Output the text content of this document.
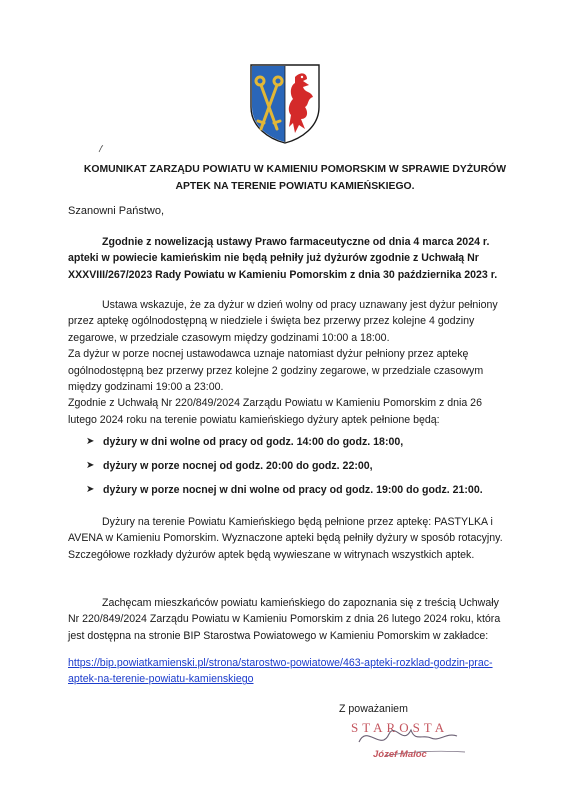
KOMUNIKAT ZARZĄDU POWIATU W KAMIENIU POMORSKIM W SPRAWIE DYŻURÓW
APTEK NA TERENIE POWIATU KAMIEŃSKIEGO.
Szanowni Państwo,

Zgodnie z nowelizacją ustawy Prawo farmaceutyczne od dnia 4 marca 2024 r. apteki w powiecie kamieńskim nie będą pełniły już dyżurów zgodnie z Uchwałą Nr XXXVIII/267/2023 Rady Powiatu w Kamieniu Pomorskim z dnia 30 października 2023 r.

Ustawa wskazuje, że za dyżur w dzień wolny od pracy uznawany jest dyżur pełniony przez aptekę ogólnodostępną w niedziele i święta bez przerwy przez kolejne 4 godziny zegarowe, w przedziale czasowym między godzinami 10:00 a 18:00.

Za dyżur w porze nocnej ustawodawca uznaje natomiast dyżur pełniony przez aptekę ogólnodostępną bez przerwy przez kolejne 2 godziny zegarowe, w przedziale czasowym między godzinami 19:00 a 23:00.

Zgodnie z Uchwałą Nr 220/849/2024 Zarządu Powiatu w Kamieniu Pomorskim z dnia 26 lutego 2024 roku na terenie powiatu kamieńskiego dyżury aptek pełnione będą:

➤ dyżury w dni wolne od pracy od godz. 14:00 do godz. 18:00,
➤ dyżury w porze nocnej od godz. 20:00 do godz. 22:00,
➤ dyżury w porze nocnej w dni wolne od pracy od godz. 19:00 do godz. 21:00.

Dyżury na terenie Powiatu Kamieńskiego będą pełnione przez aptekę: PASTYLKA i AVENA w Kamieniu Pomorskim. Wyznaczone apteki będą pełniły dyżury w sposób rotacyjny. Szczegółowe rozkłady dyżurów aptek będą wywieszane w witrynach wszystkich aptek.

Zachęcam mieszkańców powiatu kamieńskiego do zapoznania się z treścią Uchwały Nr 220/849/2024 Zarządu Powiatu w Kamieniu Pomorskim z dnia 26 lutego 2024 roku, która jest dostępna na stronie BIP Starostwa Powiatowego w Kamieniu Pomorskim w zakładce:

https://bip.powiatkamienski.pl/strona/starostwo-powiatowe/463-apteki-rozklad-godzin-prac-aptek-na-terenie-powiatu-kamienskiego
Z poważaniem
STAROSTA
Józef Maloc
